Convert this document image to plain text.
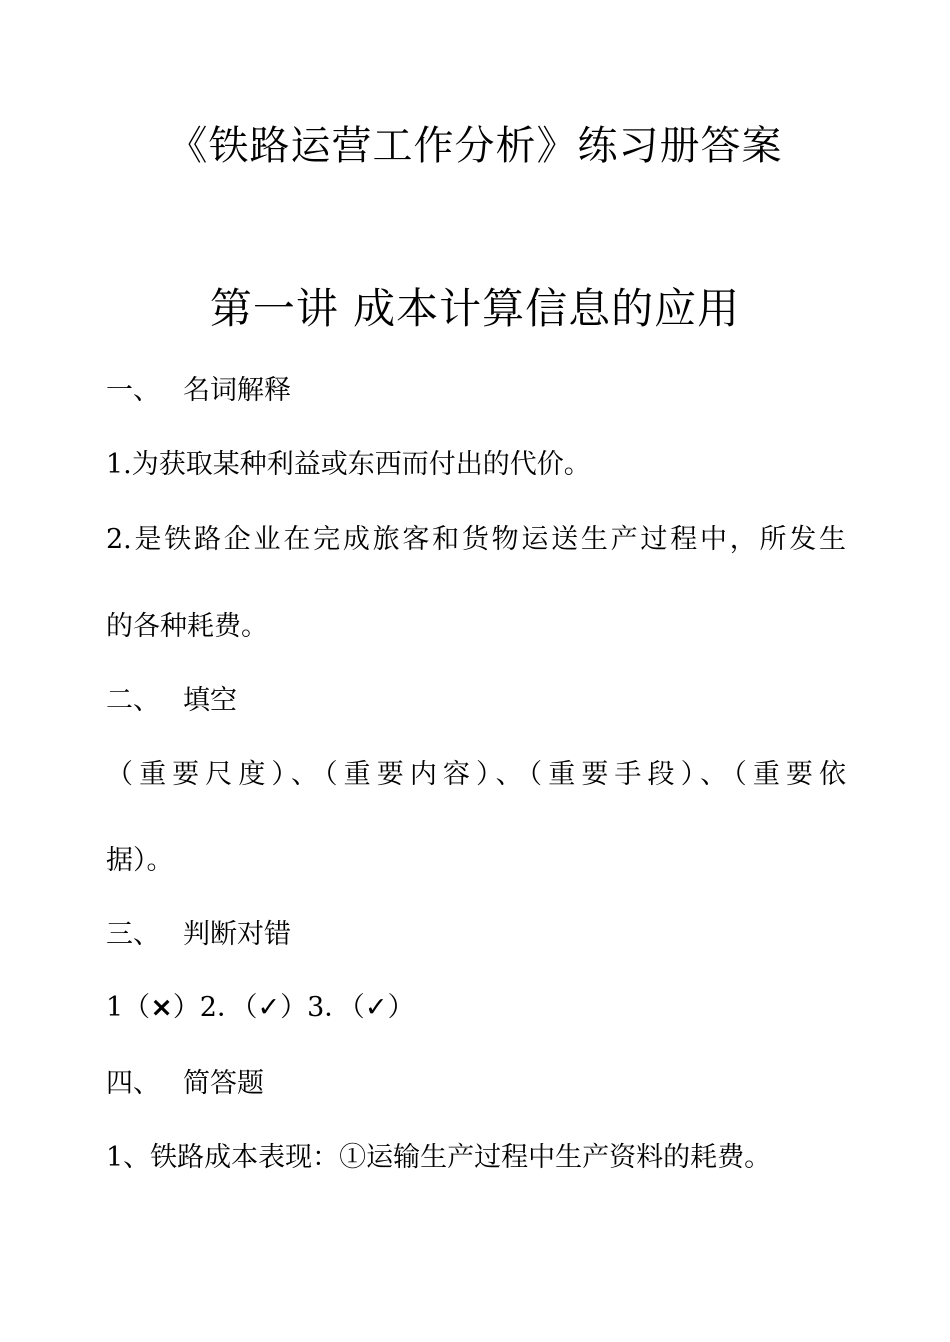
《铁路运营工作分析》练习册答案
第一讲 成本计算信息的应用
一、 名词解释
1.为获取某种利益或东西而付出的代价。
2.是铁路企业在完成旅客和货物运送生产过程中，所发生
的各种耗费。
二、 填空
（重要尺度）、（重要内容）、（重要手段）、（重要依
据）。
三、 判断对错
1（×）2．（✓）3．（✓）
四、 简答题
1、铁路成本表现：①运输生产过程中生产资料的耗费。
